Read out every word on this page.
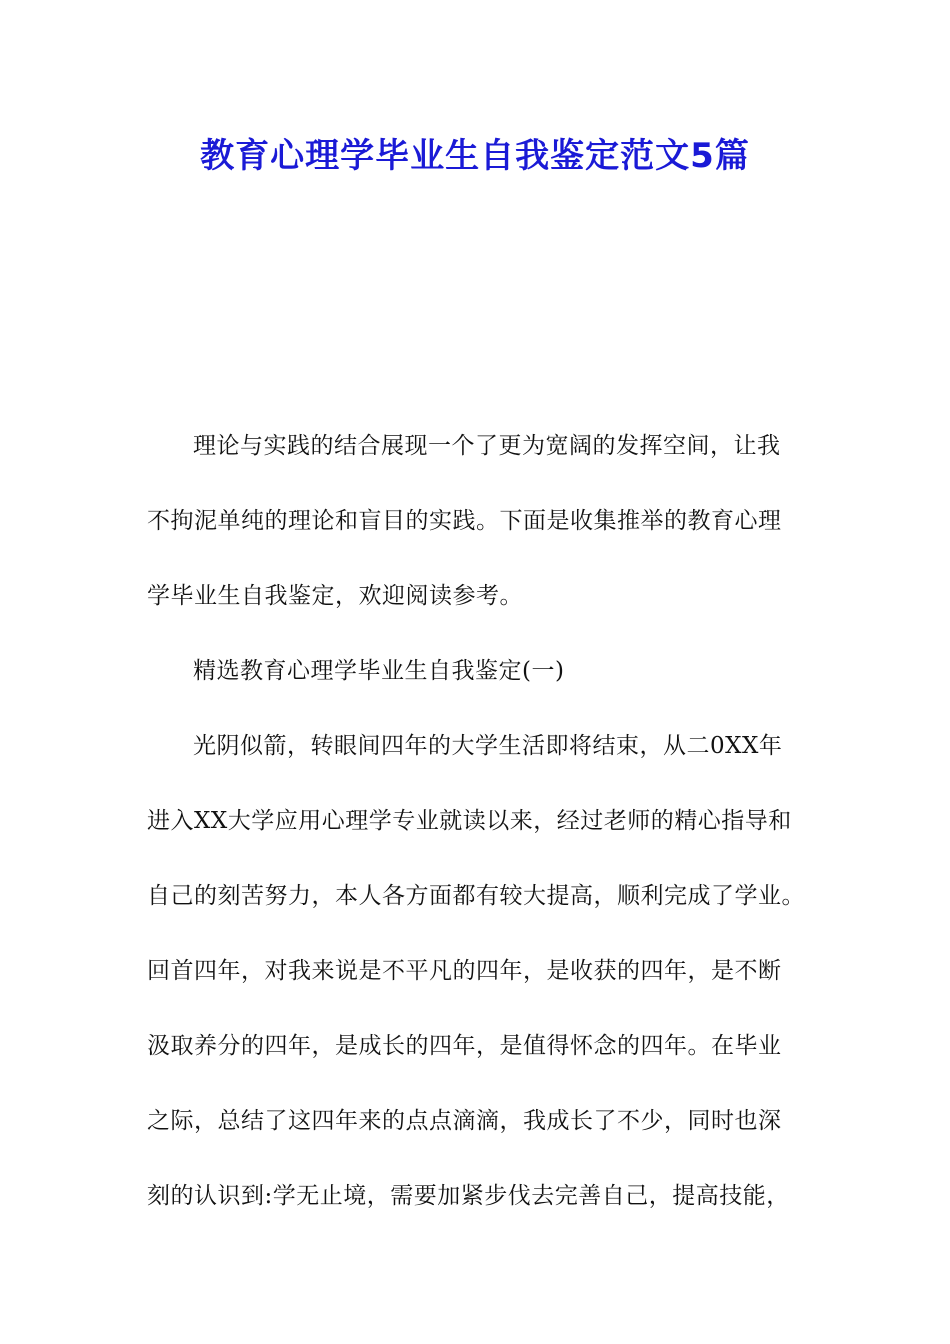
教育心理学毕业生自我鉴定范文5篇
理论与实践的结合展现一个了更为宽阔的发挥空间，让我
不拘泥单纯的理论和盲目的实践。下面是收集推举的教育心理
学毕业生自我鉴定，欢迎阅读参考。
精选教育心理学毕业生自我鉴定(一)
光阴似箭，转眼间四年的大学生活即将结束，从二0XX年
进入XX大学应用心理学专业就读以来，经过老师的精心指导和
自己的刻苦努力，本人各方面都有较大提高，顺利完成了学业。
回首四年，对我来说是不平凡的四年，是收获的四年，是不断
汲取养分的四年，是成长的四年，是值得怀念的四年。在毕业
之际，总结了这四年来的点点滴滴，我成长了不少，同时也深
刻的认识到:学无止境，需要加紧步伐去完善自己，提高技能，
